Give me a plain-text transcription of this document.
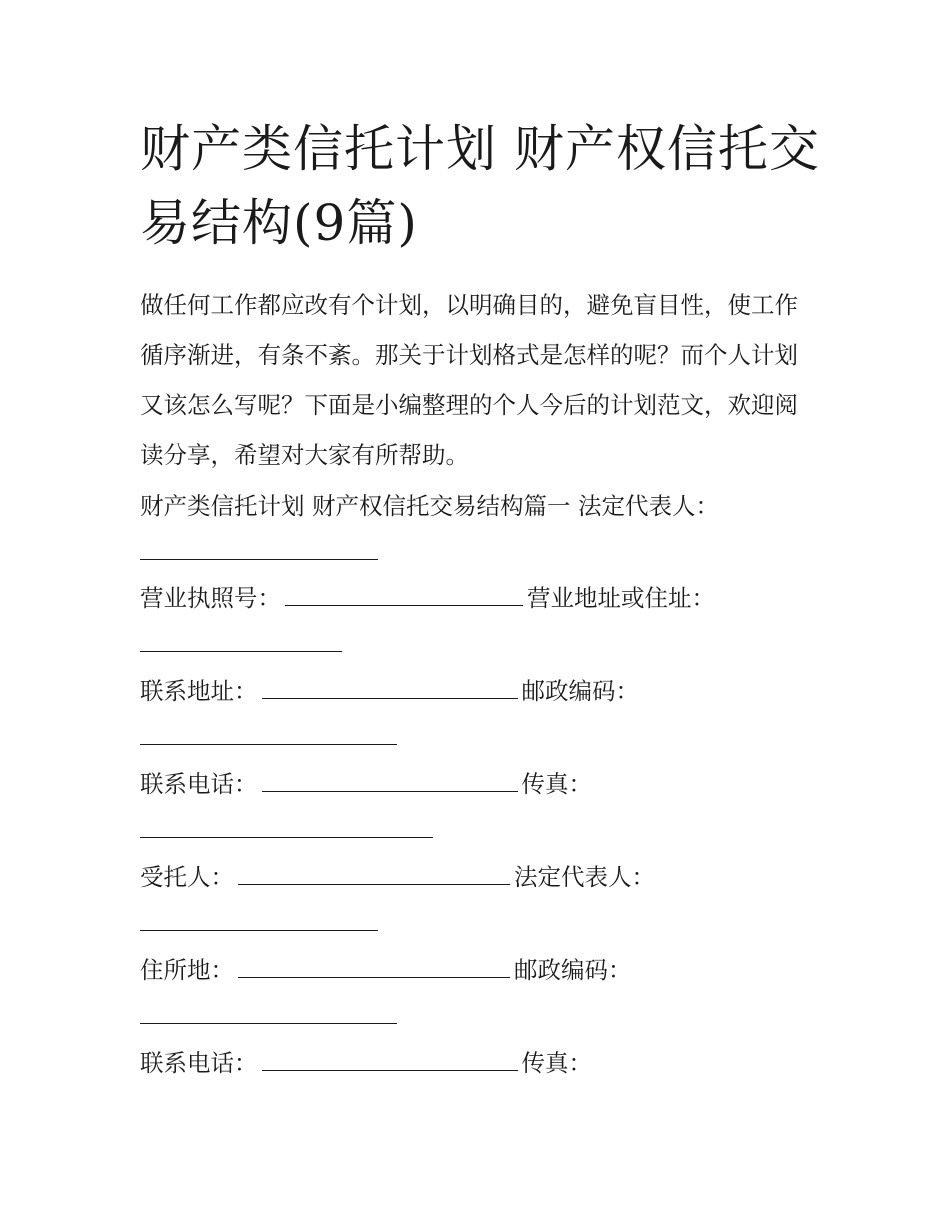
财产类信托计划 财产权信托交易结构(9篇)

做任何工作都应改有个计划，以明确目的，避免盲目性，使工作循序渐进，有条不紊。那关于计划格式是怎样的呢？而个人计划又该怎么写呢？下面是小编整理的个人今后的计划范文，欢迎阅读分享，希望对大家有所帮助。

财产类信托计划 财产权信托交易结构篇一 法定代表人：

营业执照号：	营业地址或住址：
联系地址：	邮政编码：
联系电话：	传真：
受托人：	法定代表人：
住所地：	邮政编码：
联系电话：	传真：
